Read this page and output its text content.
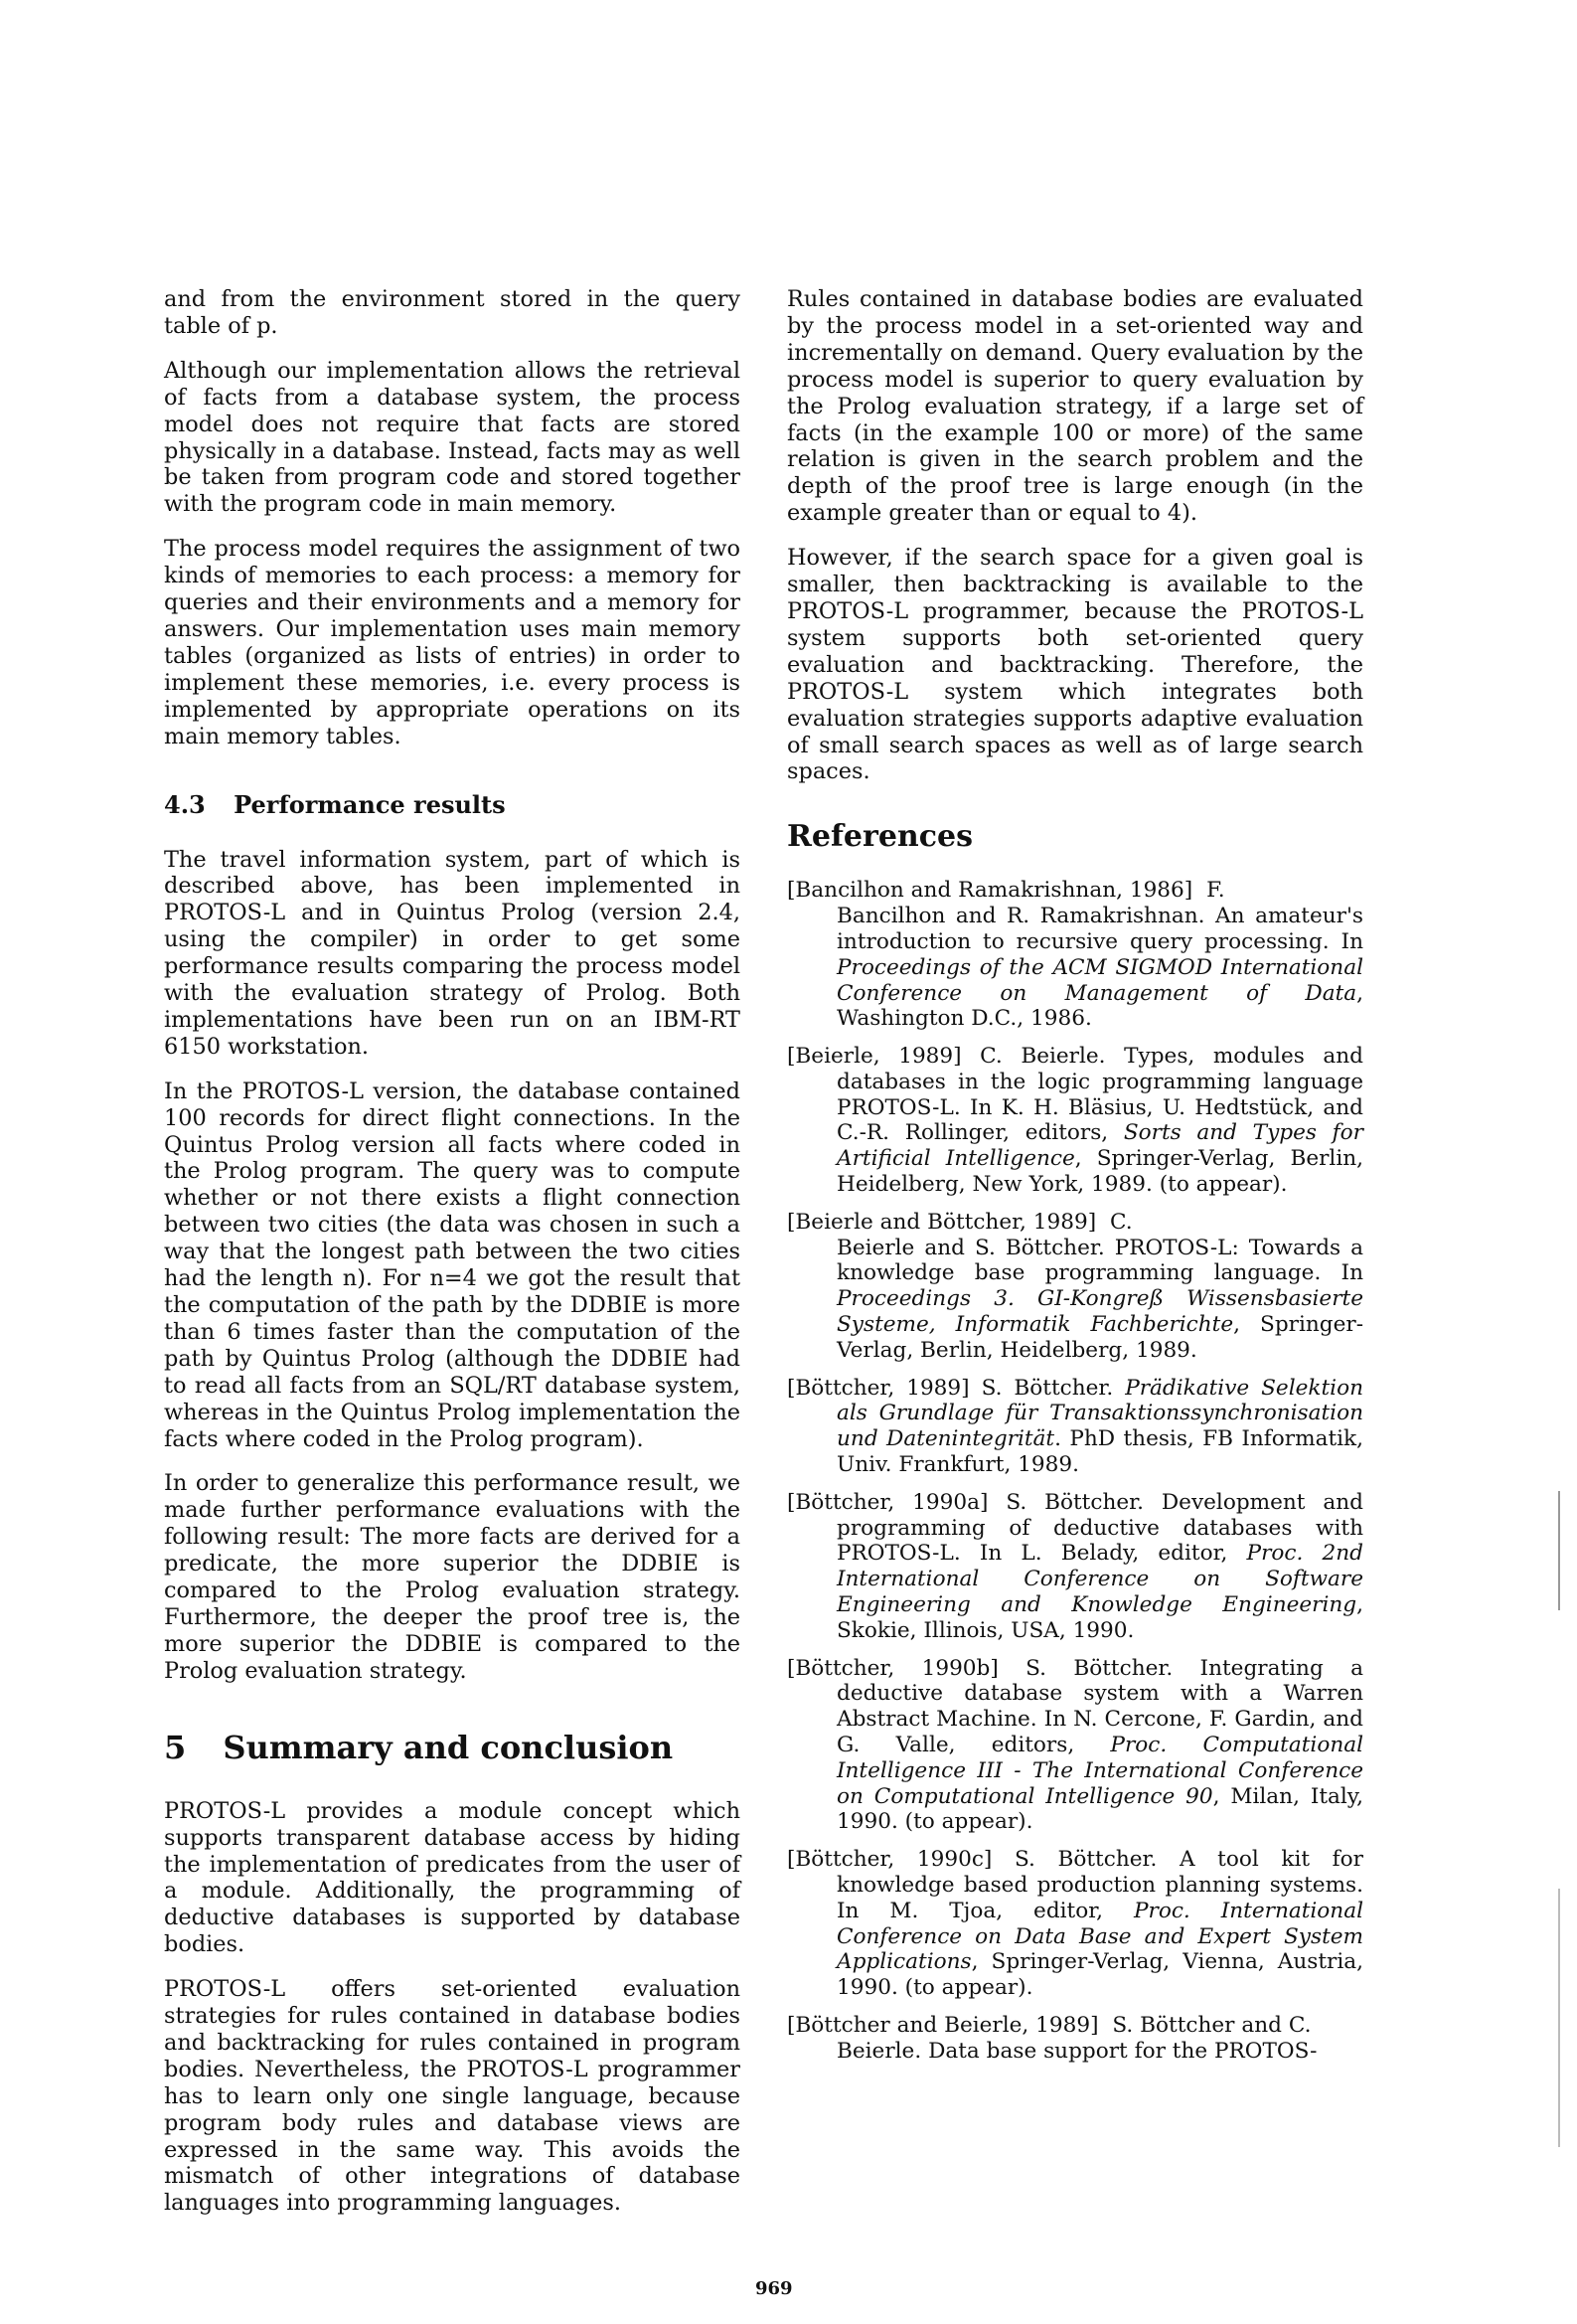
and from the environment stored in the query table of p.

Although our implementation allows the retrieval of facts from a database system, the process model does not require that facts are stored physically in a database. Instead, facts may as well be taken from program code and stored together with the program code in main memory.

The process model requires the assignment of two kinds of memories to each process: a memory for queries and their environments and a memory for answers. Our implementation uses main memory tables (organized as lists of entries) in order to implement these memories, i.e. every process is implemented by appropriate operations on its main memory tables.

4.3 Performance results

The travel information system, part of which is described above, has been implemented in PROTOS-L and in Quintus Prolog (version 2.4, using the compiler) in order to get some performance results comparing the process model with the evaluation strategy of Prolog. Both implementations have been run on an IBM-RT 6150 workstation.

In the PROTOS-L version, the database contained 100 records for direct flight connections. In the Quintus Prolog version all facts where coded in the Prolog program. The query was to compute whether or not there exists a flight connection between two cities (the data was chosen in such a way that the longest path between the two cities had the length n). For n=4 we got the result that the computation of the path by the DDBIE is more than 6 times faster than the computation of the path by Quintus Prolog (although the DDBIE had to read all facts from an SQL/RT database system, whereas in the Quintus Prolog implementation the facts where coded in the Prolog program).

In order to generalize this performance result, we made further performance evaluations with the following result: The more facts are derived for a predicate, the more superior the DDBIE is compared to the Prolog evaluation strategy. Furthermore, the deeper the proof tree is, the more superior the DDBIE is compared to the Prolog evaluation strategy.

5 Summary and conclusion

PROTOS-L provides a module concept which supports transparent database access by hiding the implementation of predicates from the user of a module. Additionally, the programming of deductive databases is supported by database bodies.

PROTOS-L offers set-oriented evaluation strategies for rules contained in database bodies and backtracking for rules contained in program bodies. Nevertheless, the PROTOS-L programmer has to learn only one single language, because program body rules and database views are expressed in the same way. This avoids the mismatch of other integrations of database languages into programming languages.

Rules contained in database bodies are evaluated by the process model in a set-oriented way and incrementally on demand. Query evaluation by the process model is superior to query evaluation by the Prolog evaluation strategy, if a large set of facts (in the example 100 or more) of the same relation is given in the search problem and the depth of the proof tree is large enough (in the example greater than or equal to 4).

However, if the search space for a given goal is smaller, then backtracking is available to the PROTOS-L programmer, because the PROTOS-L system supports both set-oriented query evaluation and backtracking. Therefore, the PROTOS-L system which integrates both evaluation strategies supports adaptive evaluation of small search spaces as well as of large search spaces.

References
[Bancilhon and Ramakrishnan, 1986] F.
Bancilhon and R. Ramakrishnan. An amateur's introduction to recursive query processing. In Proceedings of the ACM SIGMOD International Conference on Management of Data, Washington D.C., 1986.
[Beierle, 1989] C. Beierle. Types, modules and databases in the logic programming language PROTOS-L. In K. H. Bläsius, U. Hedtstück, and C.-R. Rollinger, editors, Sorts and Types for Artificial Intelligence, Springer-Verlag, Berlin, Heidelberg, New York, 1989. (to appear).
[Beierle and Böttcher, 1989] C.
Beierle and S. Böttcher. PROTOS-L: Towards a knowledge base programming language. In Proceedings 3. GI-Kongreß Wissensbasierte Systeme, Informatik Fachberichte, Springer-Verlag, Berlin, Heidelberg, 1989.
[Böttcher, 1989] S. Böttcher. Prädikative Selektion als Grundlage für Transaktionssynchronisation und Datenintegrität. PhD thesis, FB Informatik, Univ. Frankfurt, 1989.
[Böttcher, 1990a] S. Böttcher. Development and programming of deductive databases with PROTOS-L. In L. Belady, editor, Proc. 2nd International Conference on Software Engineering and Knowledge Engineering, Skokie, Illinois, USA, 1990.
[Böttcher, 1990b] S. Böttcher. Integrating a deductive database system with a Warren Abstract Machine. In N. Cercone, F. Gardin, and G. Valle, editors, Proc. Computational Intelligence III - The International Conference on Computational Intelligence 90, Milan, Italy, 1990. (to appear).
[Böttcher, 1990c] S. Böttcher. A tool kit for knowledge based production planning systems. In M. Tjoa, editor, Proc. International Conference on Data Base and Expert System Applications, Springer-Verlag, Vienna, Austria, 1990. (to appear).
[Böttcher and Beierle, 1989] S. Böttcher and C.
Beierle. Data base support for the PROTOS-
969
